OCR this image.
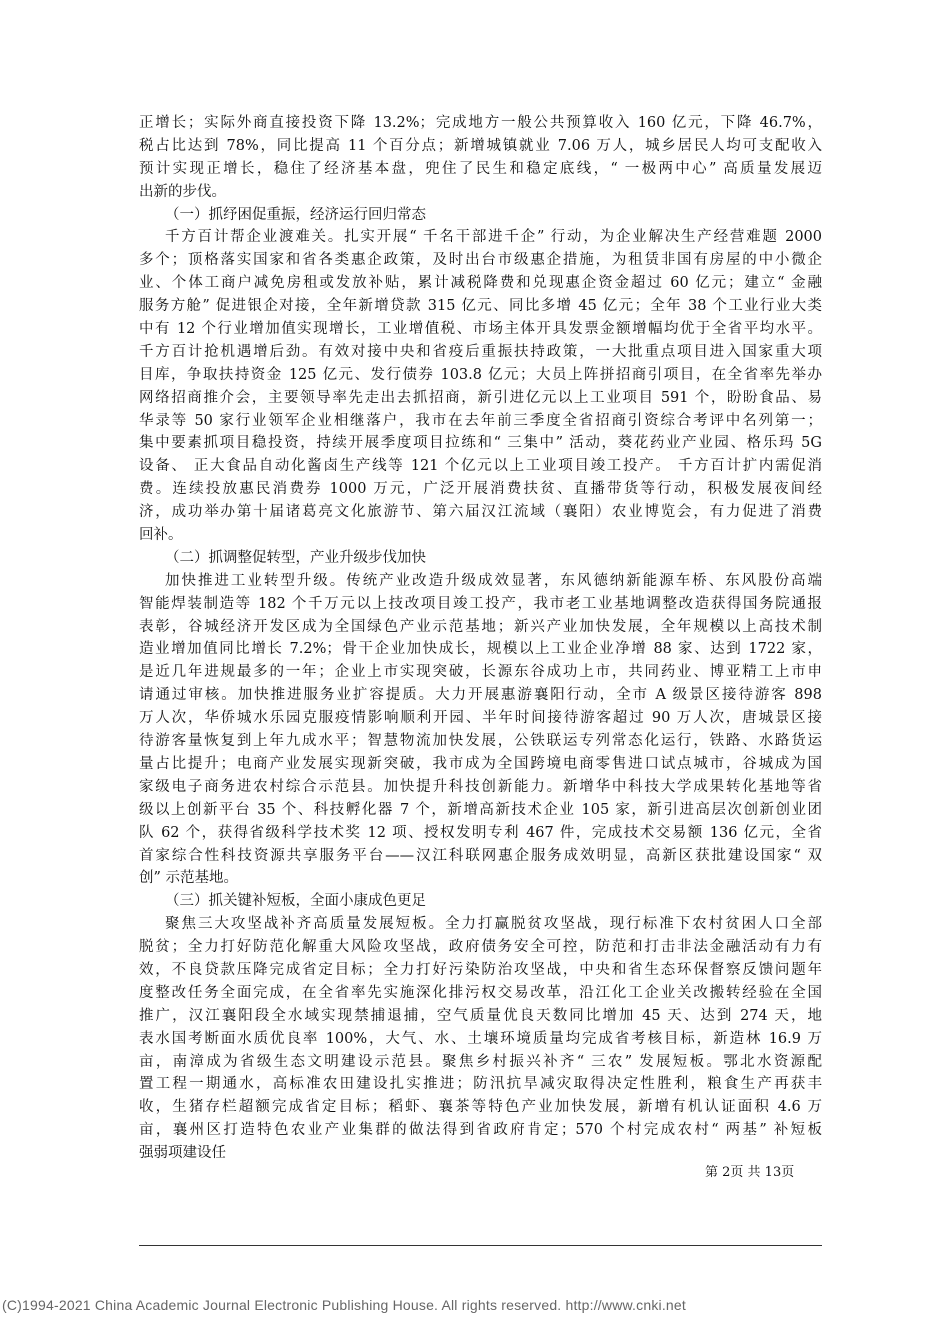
正增长；实际外商直接投资下降 13.2%；完成地方一般公共预算收入 160 亿元，下降 46.7%，
税占比达到 78%，同比提高 11 个百分点；新增城镇就业 7.06 万人，城乡居民人均可支配收入
预计实现正增长，稳住了经济基本盘，兜住了民生和稳定底线，“ 一极两中心” 高质量发展迈
出新的步伐。
（一）抓纾困促重振，经济运行回归常态
千方百计帮企业渡难关。扎实开展“ 千名干部进千企” 行动，为企业解决生产经营难题 2000
多个；顶格落实国家和省各类惠企政策，及时出台市级惠企措施，为租赁非国有房屋的中小微企
业、个体工商户减免房租或发放补贴，累计减税降费和兑现惠企资金超过 60 亿元；建立“ 金融
服务方舱” 促进银企对接，全年新增贷款 315 亿元、同比多增 45 亿元；全年 38 个工业行业大类
中有 12 个行业增加值实现增长，工业增值税、市场主体开具发票金额增幅均优于全省平均水平。
千方百计抢机遇增后劲。有效对接中央和省疫后重振扶持政策，一大批重点项目进入国家重大项
目库，争取扶持资金 125 亿元、发行债券 103.8 亿元；大员上阵拼招商引项目，在全省率先举办
网络招商推介会，主要领导率先走出去抓招商，新引进亿元以上工业项目 591 个，盼盼食品、易
华录等 50 家行业领军企业相继落户，我市在去年前三季度全省招商引资综合考评中名列第一；
集中要素抓项目稳投资，持续开展季度项目拉练和“ 三集中” 活动，葵花药业产业园、格乐玛 5G
设备、 正大食品自动化酱卤生产线等 121 个亿元以上工业项目竣工投产。 千方百计扩内需促消
费。连续投放惠民消费券 1000 万元，广泛开展消费扶贫、直播带货等行动，积极发展夜间经
济，成功举办第十届诸葛亮文化旅游节、第六届汉江流域（襄阳）农业博览会，有力促进了消费
回补。
（二）抓调整促转型，产业升级步伐加快
加快推进工业转型升级。传统产业改造升级成效显著，东风德纳新能源车桥、东风股份高端
智能焊装制造等 182 个千万元以上技改项目竣工投产，我市老工业基地调整改造获得国务院通报
表彰，谷城经济开发区成为全国绿色产业示范基地；新兴产业加快发展，全年规模以上高技术制
造业增加值同比增长 7.2%；骨干企业加快成长，规模以上工业企业净增 88 家、达到 1722 家，
是近几年进规最多的一年；企业上市实现突破，长源东谷成功上市，共同药业、博亚精工上市申
请通过审核。加快推进服务业扩容提质。大力开展惠游襄阳行动，全市 A 级景区接待游客 898
万人次，华侨城水乐园克服疫情影响顺利开园、半年时间接待游客超过 90 万人次，唐城景区接
待游客量恢复到上年九成水平；智慧物流加快发展，公铁联运专列常态化运行，铁路、水路货运
量占比提升；电商产业发展实现新突破，我市成为全国跨境电商零售进口试点城市，谷城成为国
家级电子商务进农村综合示范县。加快提升科技创新能力。新增华中科技大学成果转化基地等省
级以上创新平台 35 个、科技孵化器 7 个，新增高新技术企业 105 家，新引进高层次创新创业团
队 62 个，获得省级科学技术奖 12 项、授权发明专利 467 件，完成技术交易额 136 亿元，全省
首家综合性科技资源共享服务平台——汉江科联网惠企服务成效明显，高新区获批建设国家“ 双
创” 示范基地。
（三）抓关键补短板，全面小康成色更足
聚焦三大攻坚战补齐高质量发展短板。全力打赢脱贫攻坚战，现行标准下农村贫困人口全部
脱贫；全力打好防范化解重大风险攻坚战，政府债务安全可控，防范和打击非法金融活动有力有
效，不良贷款压降完成省定目标；全力打好污染防治攻坚战，中央和省生态环保督察反馈问题年
度整改任务全面完成，在全省率先实施深化排污权交易改革，沿江化工企业关改搬转经验在全国
推广，汉江襄阳段全水域实现禁捕退捕，空气质量优良天数同比增加 45 天、达到 274 天，地
表水国考断面水质优良率 100%，大气、水、土壤环境质量均完成省考核目标，新造林 16.9 万
亩，南漳成为省级生态文明建设示范县。聚焦乡村振兴补齐“ 三农” 发展短板。鄂北水资源配
置工程一期通水，高标准农田建设扎实推进；防汛抗旱减灾取得决定性胜利，粮食生产再获丰
收，生猪存栏超额完成省定目标；稻虾、襄茶等特色产业加快发展，新增有机认证面积 4.6 万
亩，襄州区打造特色农业产业集群的做法得到省政府肯定；570 个村完成农村“ 两基” 补短板
强弱项建设任
第 2页 共 13页
(C)1994-2021 China Academic Journal Electronic Publishing House. All rights reserved. http://www.cnki.net
